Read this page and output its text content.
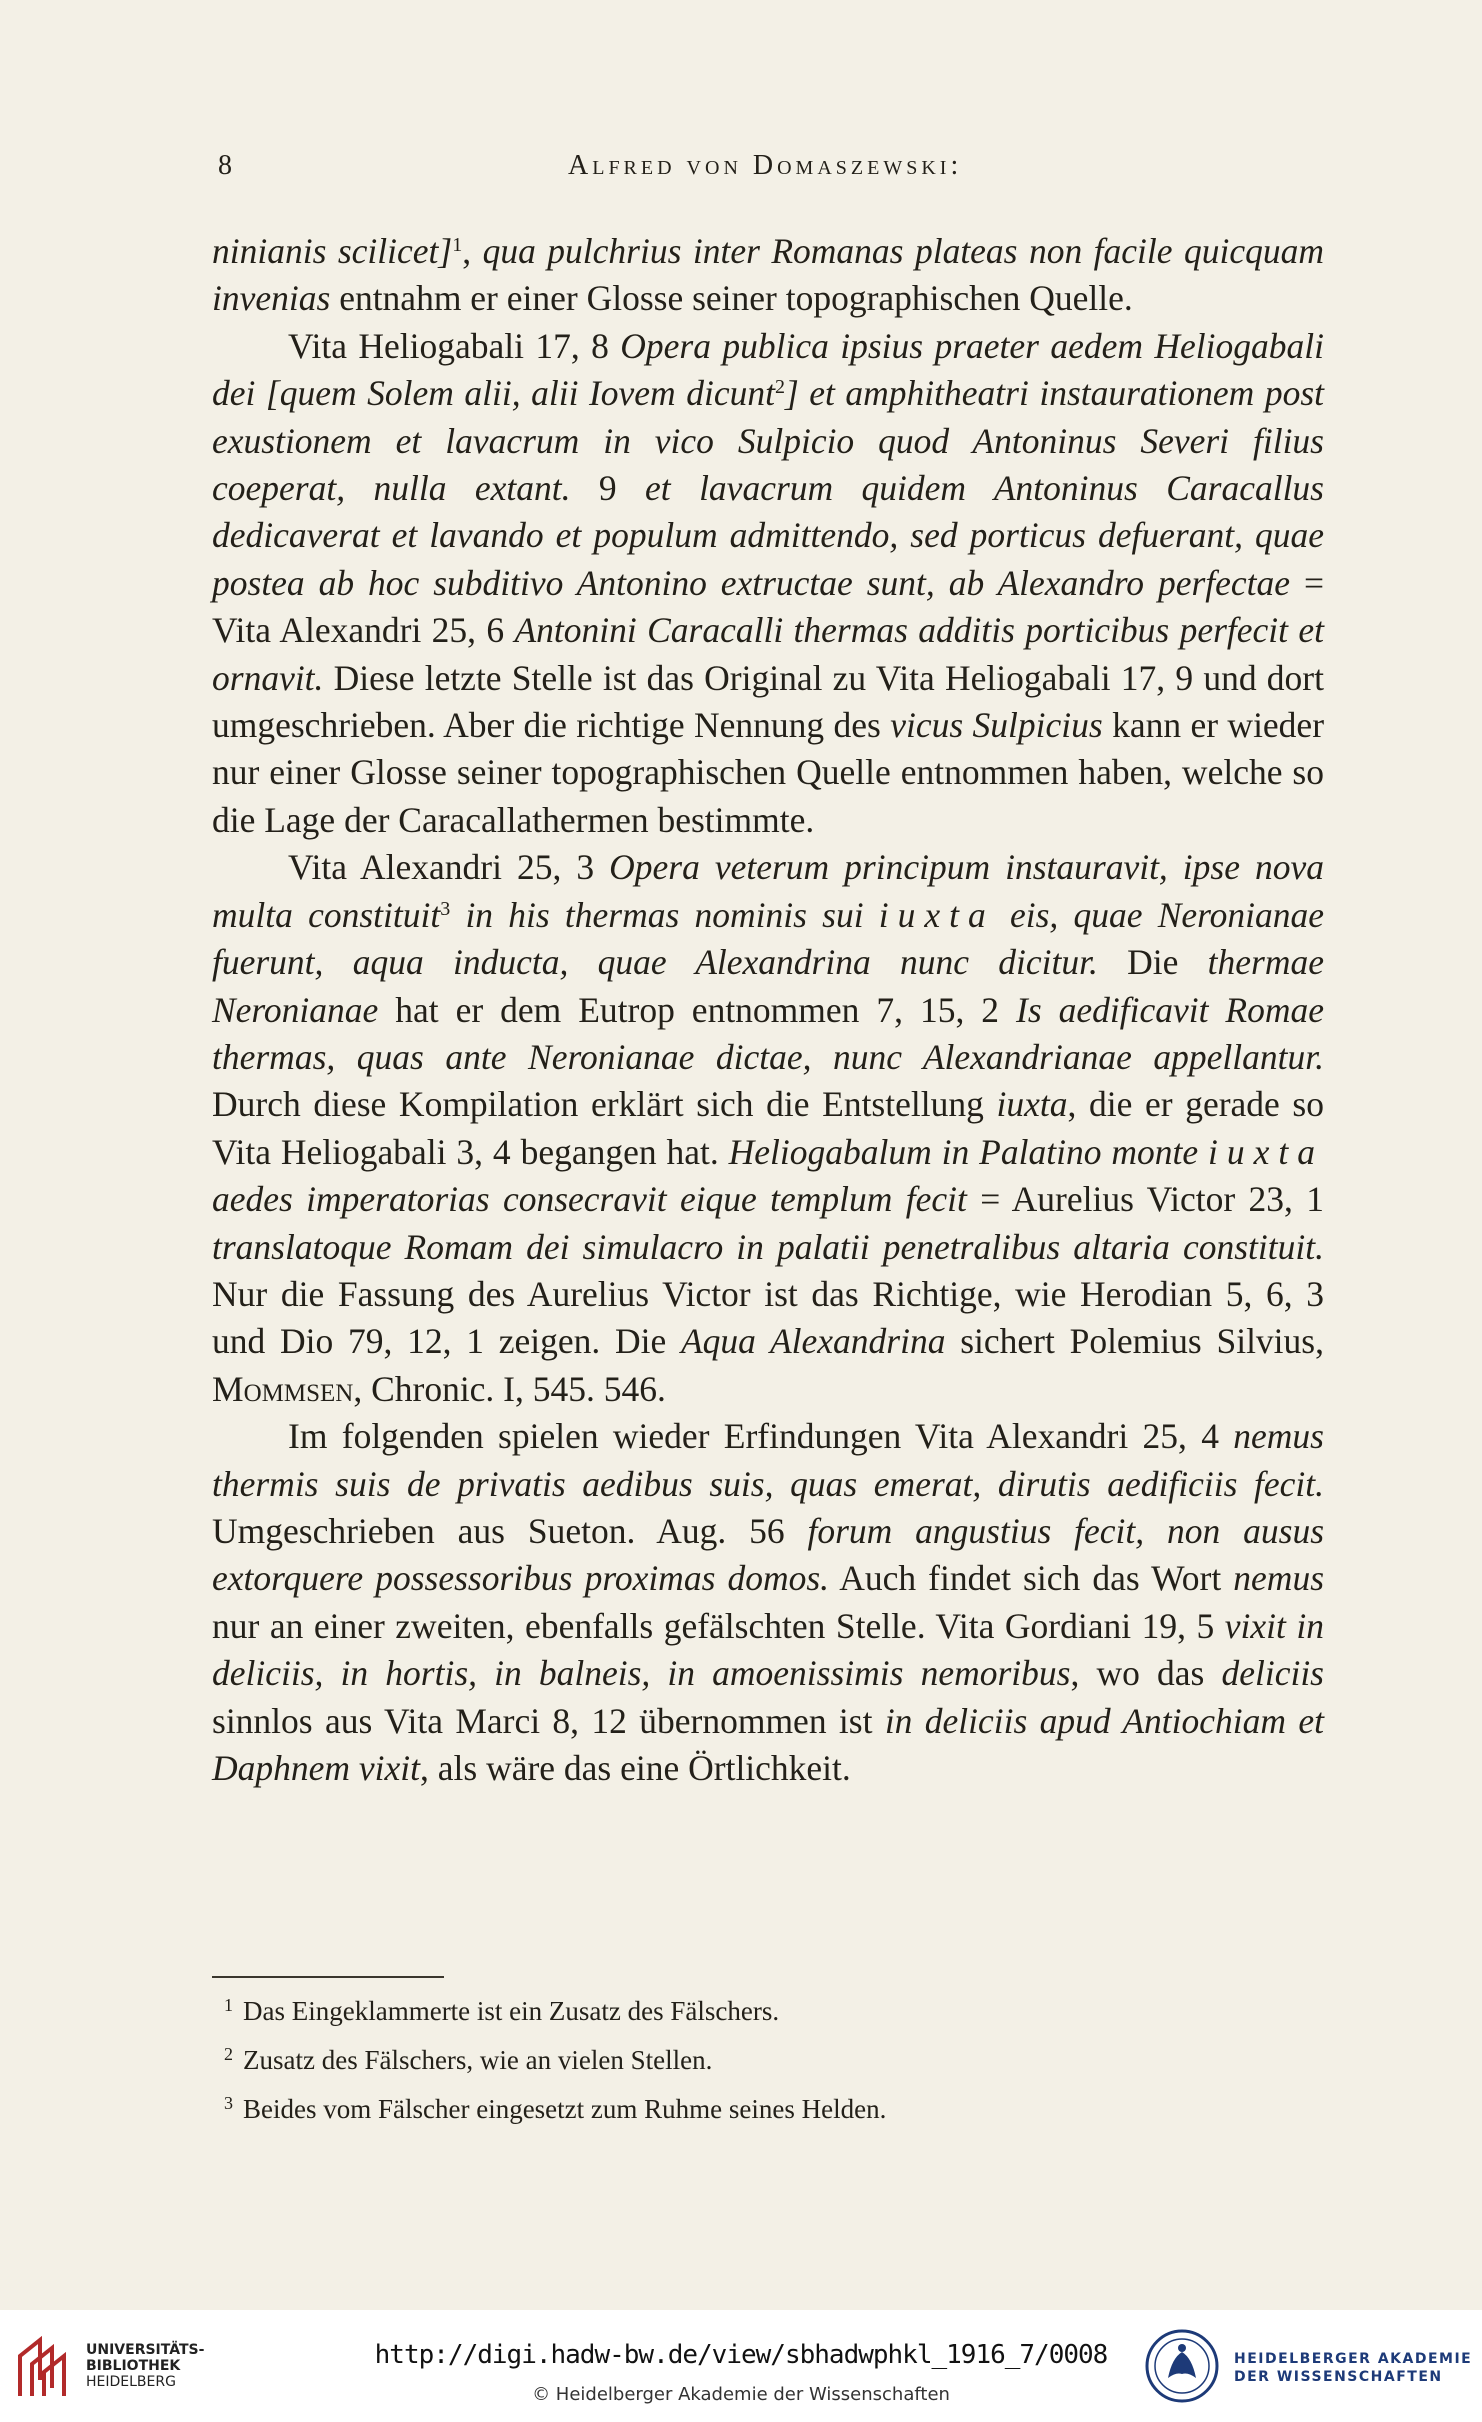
8	Alfred von Domaszewski:

ninianis scilicet]$^1$, qua pulchrius inter Romanas plateas non facile quicquam invenias entnahm er einer Glosse seiner topographischen Quelle.

Vita Heliogabali 17, 8 Opera publica ipsius praeter aedem Heliogabali dei [quem Solem alii, alii Iovem dicunt$^2$] et amphitheatri instaurationem post exustionem et lavacrum in vico Sulpicio quod Antoninus Severi filius coeperat, nulla extant. 9 et lavacrum quidem Antoninus Caracallus dedicaverat et lavando et populum admittendo, sed porticus defuerant, quae postea ab hoc subditivo Antonino extructae sunt, ab Alexandro perfectae = Vita Alexandri 25, 6 Antonini Caracalli thermas additis porticibus perfecit et ornavit. Diese letzte Stelle ist das Original zu Vita Heliogabali 17, 9 und dort umgeschrieben. Aber die richtige Nennung des vicus Sulpicius kann er wieder nur einer Glosse seiner topographischen Quelle entnommen haben, welche so die Lage der Caracallathermen bestimmte.

Vita Alexandri 25, 3 Opera veterum principum instauravit, ipse nova multa constituit$^3$ in his thermas nominis sui iuxta eis, quae Neronianae fuerunt, aqua inducta, quae Alexandrina nunc dicitur. Die thermae Neronianae hat er dem Eutrop entnommen 7, 15, 2 Is aedificavit Romae thermas, quas ante Neronianae dictae, nunc Alexandrianae appellantur. Durch diese Kompilation erklärt sich die Entstellung iuxta, die er gerade so Vita Heliogabali 3, 4 begangen hat. Heliogabalum in Palatino monte iuxta aedes imperatorias consecravit eique templum fecit = Aurelius Victor 23, 1 translatoque Romam dei simulacro in palatii penetralibus altaria constituit. Nur die Fassung des Aurelius Victor ist das Richtige, wie Herodian 5, 6, 3 und Dio 79, 12, 1 zeigen. Die Aqua Alexandrina sichert Polemius Silvius, Mommsen, Chronic. I, 545. 546.

Im folgenden spielen wieder Erfindungen Vita Alexandri 25, 4 nemus thermis suis de privatis aedibus suis, quas emerat, dirutis aedificiis fecit. Umgeschrieben aus Sueton. Aug. 56 forum angustius fecit, non ausus extorquere possessoribus proximas domos. Auch findet sich das Wort nemus nur an einer zweiten, ebenfalls gefälschten Stelle. Vita Gordiani 19, 5 vixit in deliciis, in hortis, in balneis, in amoenissimis nemoribus, wo das deliciis sinnlos aus Vita Marci 8, 12 übernommen ist in deliciis apud Antiochiam et Daphnem vixit, als wäre das eine Örtlichkeit.

$^1$ Das Eingeklammerte ist ein Zusatz des Fälschers.

$^2$ Zusatz des Fälschers, wie an vielen Stellen.

$^3$ Beides vom Fälscher eingesetzt zum Ruhme seines Helden.

UNIVERSITÄTS-
BIBLIOTHEK
HEIDELBERG
http://digi.hadw-bw.de/view/sbhadwphkl_1916_7/0008
© Heidelberger Akademie der Wissenschaften
HEIDELBERGER AKADEMIE
DER WISSENSCHAFTEN
